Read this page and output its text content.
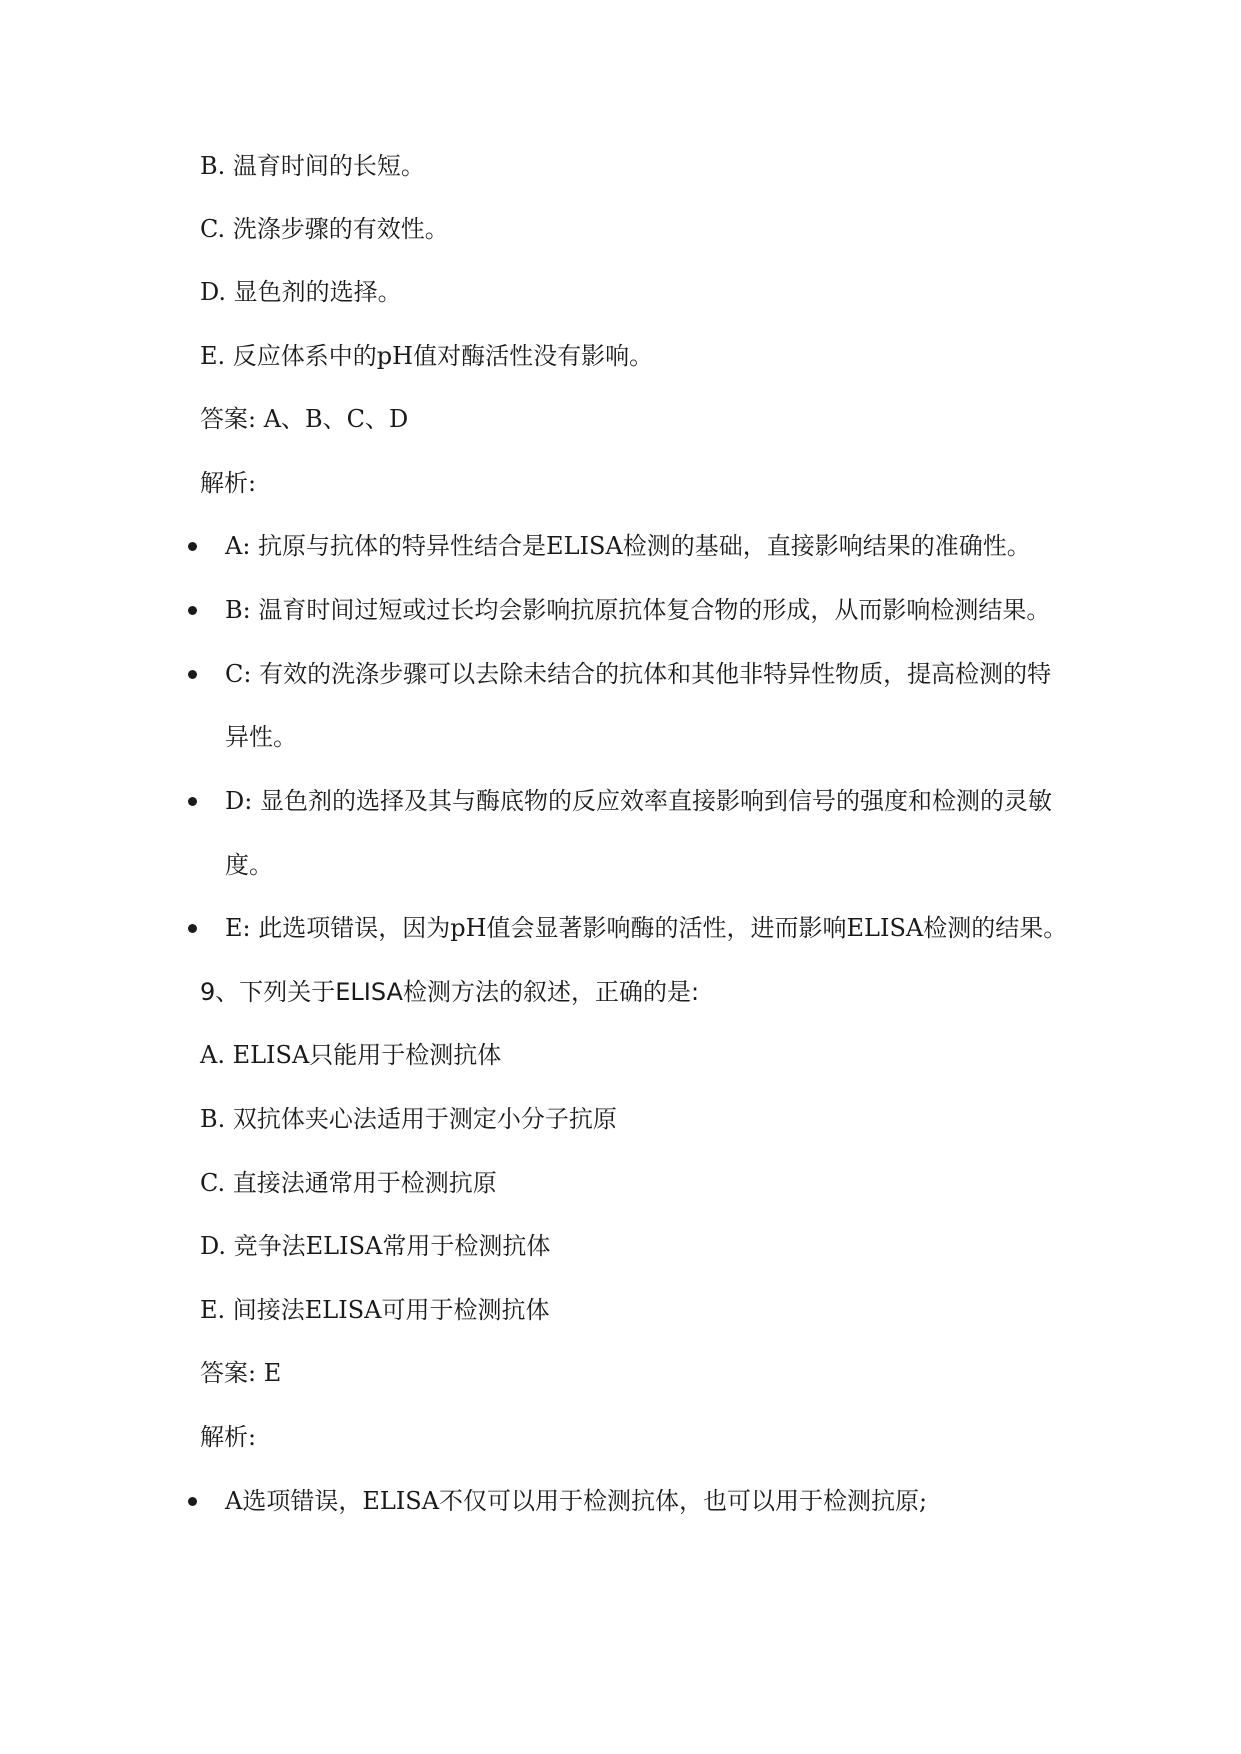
B. 温育时间的长短。
C. 洗涤步骤的有效性。
D. 显色剂的选择。
E. 反应体系中的pH值对酶活性没有影响。
答案: A、B、C、D
解析:
A: 抗原与抗体的特异性结合是ELISA检测的基础，直接影响结果的准确性。
B: 温育时间过短或过长均会影响抗原抗体复合物的形成，从而影响检测结果。
C: 有效的洗涤步骤可以去除未结合的抗体和其他非特异性物质，提高检测的特
异性。
D: 显色剂的选择及其与酶底物的反应效率直接影响到信号的强度和检测的灵敏
度。
E: 此选项错误，因为pH值会显著影响酶的活性，进而影响ELISA检测的结果。
9、下列关于ELISA检测方法的叙述，正确的是:
A. ELISA只能用于检测抗体
B. 双抗体夹心法适用于测定小分子抗原
C. 直接法通常用于检测抗原
D. 竞争法ELISA常用于检测抗体
E. 间接法ELISA可用于检测抗体
答案: E
解析:
A选项错误，ELISA不仅可以用于检测抗体，也可以用于检测抗原;
